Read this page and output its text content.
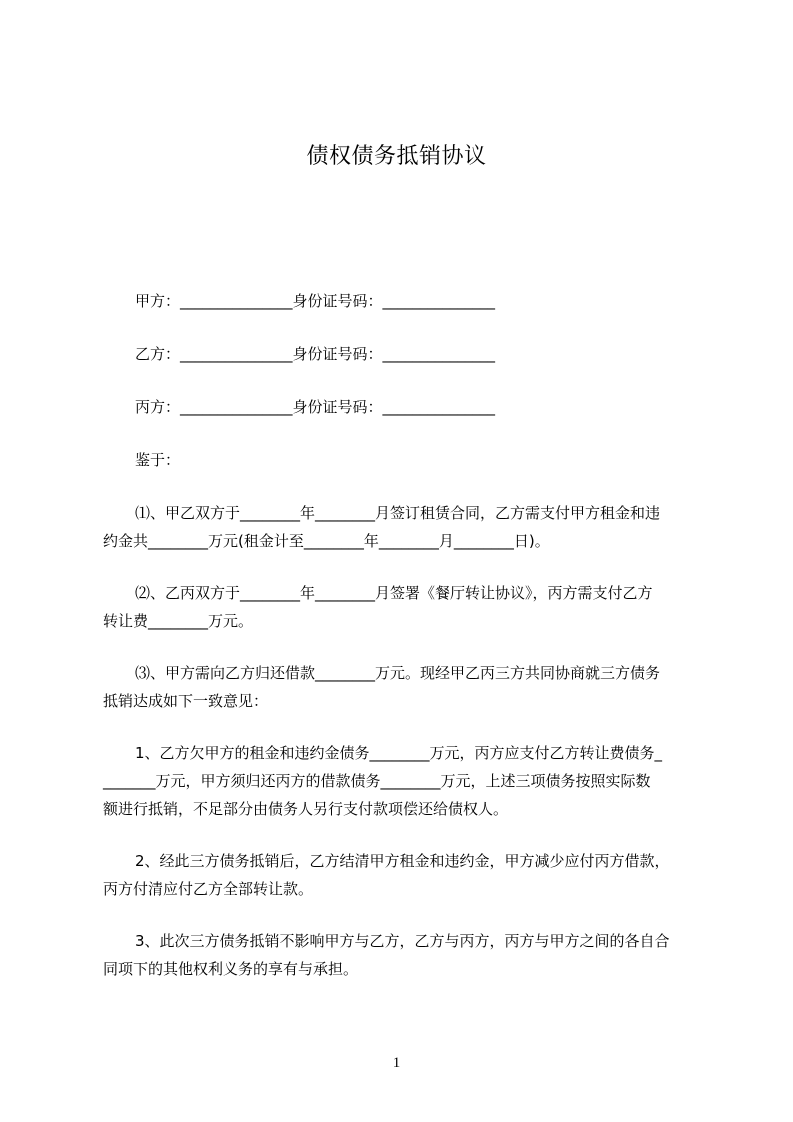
债权债务抵销协议
甲方：_______________身份证号码：_______________
乙方：_______________身份证号码：_______________
丙方：_______________身份证号码：_______________
鉴于：
⑴、甲乙双方于________年________月签订租赁合同，乙方需支付甲方租金和违
约金共________万元(租金计至________年________月________日)。
⑵、乙丙双方于________年________月签署《餐厅转让协议》，丙方需支付乙方
转让费________万元。
⑶、甲方需向乙方归还借款________万元。现经甲乙丙三方共同协商就三方债务
抵销达成如下一致意见：
1、乙方欠甲方的租金和违约金债务________万元，丙方应支付乙方转让费债务_
_______万元，甲方须归还丙方的借款债务________万元，上述三项债务按照实际数
额进行抵销，不足部分由债务人另行支付款项偿还给债权人。
2、经此三方债务抵销后，乙方结清甲方租金和违约金，甲方减少应付丙方借款，
丙方付清应付乙方全部转让款。
3、此次三方债务抵销不影响甲方与乙方，乙方与丙方，丙方与甲方之间的各自合
同项下的其他权利义务的享有与承担。
1
